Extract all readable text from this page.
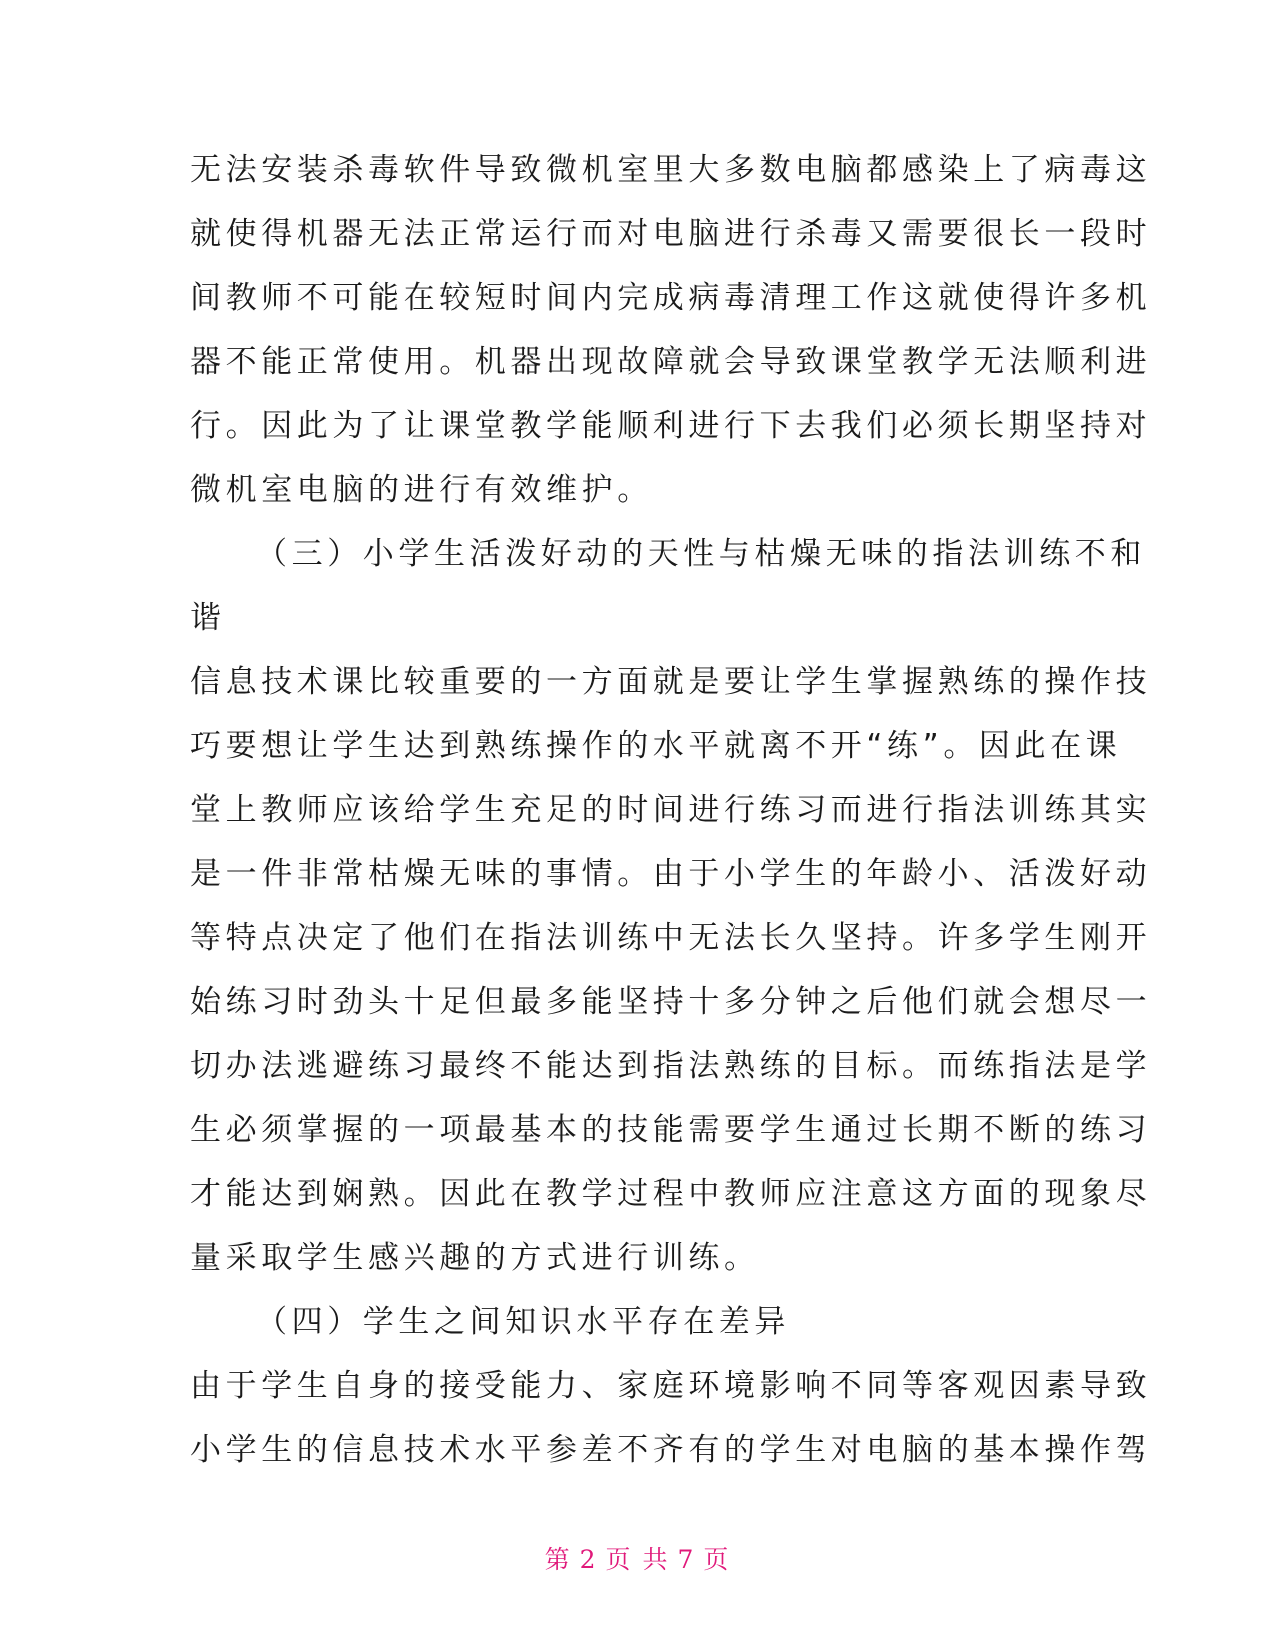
无法安装杀毒软件导致微机室里大多数电脑都感染上了病毒这
就使得机器无法正常运行而对电脑进行杀毒又需要很长一段时
间教师不可能在较短时间内完成病毒清理工作这就使得许多机
器不能正常使用。机器出现故障就会导致课堂教学无法顺利进
行。因此为了让课堂教学能顺利进行下去我们必须长期坚持对
微机室电脑的进行有效维护。
（三）小学生活泼好动的天性与枯燥无味的指法训练不和
谐
信息技术课比较重要的一方面就是要让学生掌握熟练的操作技
巧要想让学生达到熟练操作的水平就离不开“练”。因此在课
堂上教师应该给学生充足的时间进行练习而进行指法训练其实
是一件非常枯燥无味的事情。由于小学生的年龄小、活泼好动
等特点决定了他们在指法训练中无法长久坚持。许多学生刚开
始练习时劲头十足但最多能坚持十多分钟之后他们就会想尽一
切办法逃避练习最终不能达到指法熟练的目标。而练指法是学
生必须掌握的一项最基本的技能需要学生通过长期不断的练习
才能达到娴熟。因此在教学过程中教师应注意这方面的现象尽
量采取学生感兴趣的方式进行训练。
（四）学生之间知识水平存在差异
由于学生自身的接受能力、家庭环境影响不同等客观因素导致
小学生的信息技术水平参差不齐有的学生对电脑的基本操作驾
第 2 页 共 7 页
